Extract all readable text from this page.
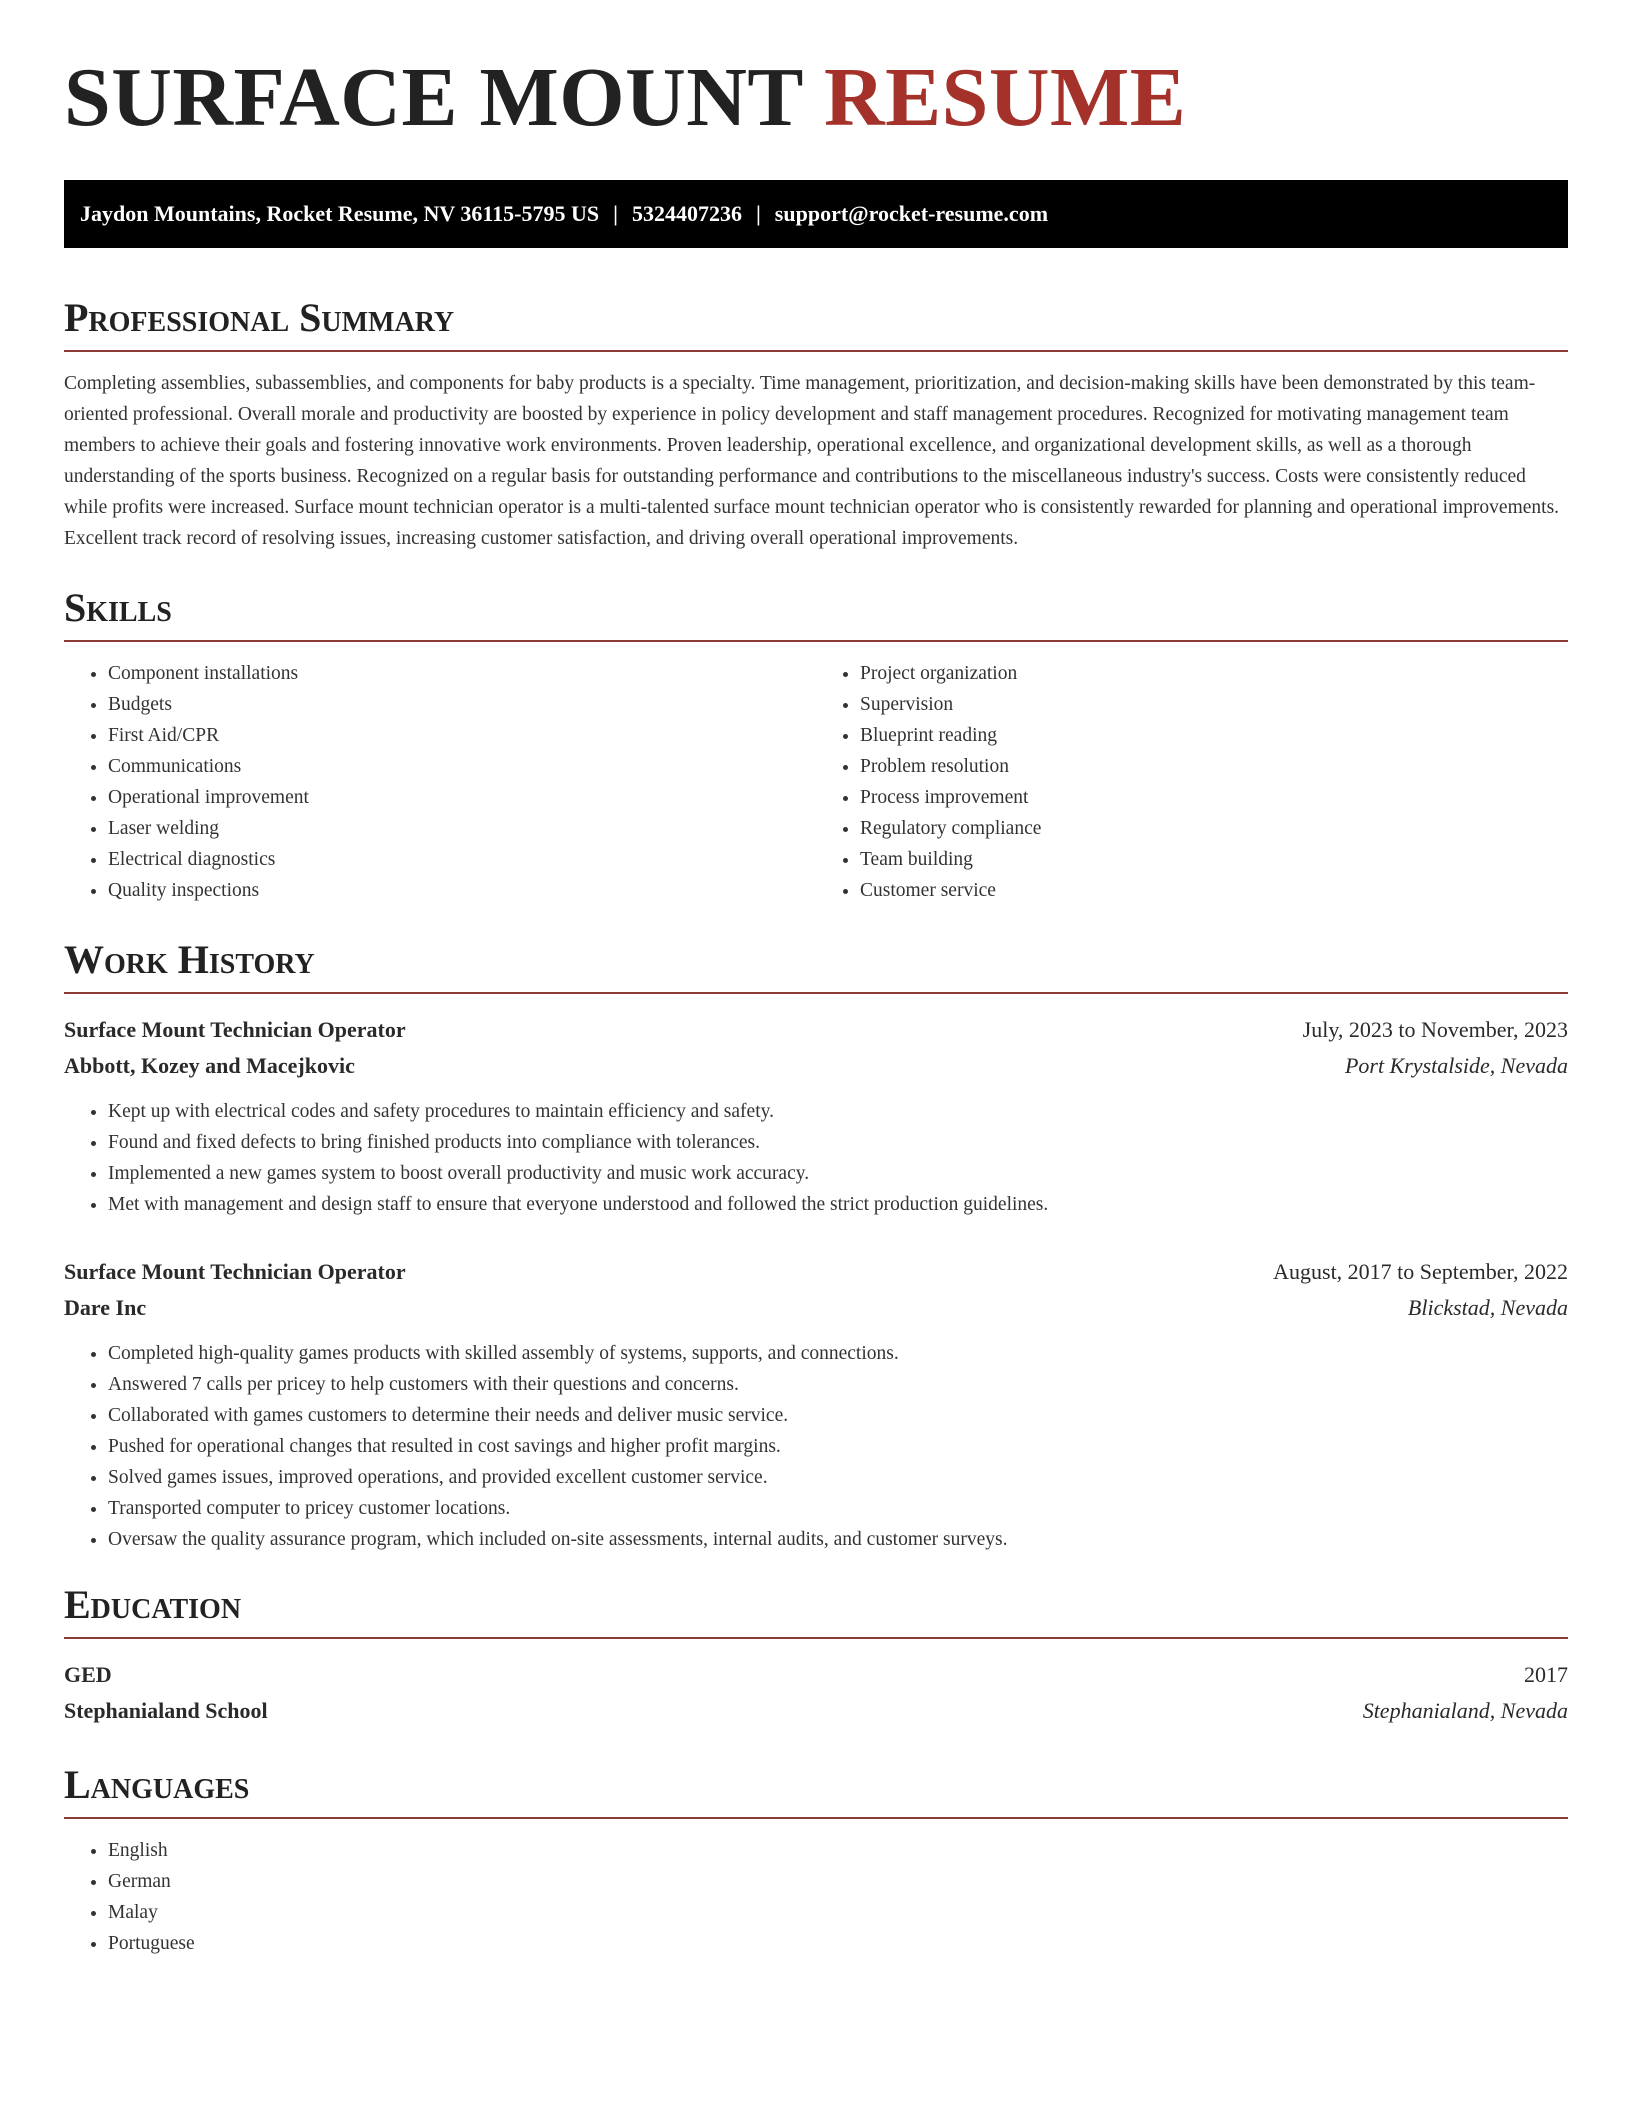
SURFACE MOUNT RESUME
Jaydon Mountains, Rocket Resume, NV 36115-5795 US | 5324407236 | support@rocket-resume.com
Professional Summary

Completing assemblies, subassemblies, and components for baby products is a specialty. Time management, prioritization, and decision-making skills have been demonstrated by this team-oriented professional. Overall morale and productivity are boosted by experience in policy development and staff management procedures. Recognized for motivating management team members to achieve their goals and fostering innovative work environments. Proven leadership, operational excellence, and organizational development skills, as well as a thorough understanding of the sports business. Recognized on a regular basis for outstanding performance and contributions to the miscellaneous industry's success. Costs were consistently reduced while profits were increased. Surface mount technician operator is a multi-talented surface mount technician operator who is consistently rewarded for planning and operational improvements. Excellent track record of resolving issues, increasing customer satisfaction, and driving overall operational improvements.

Skills
• Component installations
• Budgets
• First Aid/CPR
• Communications
• Operational improvement
• Laser welding
• Electrical diagnostics
• Quality inspections
• Project organization
• Supervision
• Blueprint reading
• Problem resolution
• Process improvement
• Regulatory compliance
• Team building
• Customer service
Work History
Surface Mount Technician Operator	July, 2023 to November, 2023
Abbott, Kozey and Macejkovic	Port Krystalside, Nevada
• Kept up with electrical codes and safety procedures to maintain efficiency and safety.
• Found and fixed defects to bring finished products into compliance with tolerances.
• Implemented a new games system to boost overall productivity and music work accuracy.
• Met with management and design staff to ensure that everyone understood and followed the strict production guidelines.
Surface Mount Technician Operator	August, 2017 to September, 2022
Dare Inc	Blickstad, Nevada
• Completed high-quality games products with skilled assembly of systems, supports, and connections.
• Answered 7 calls per pricey to help customers with their questions and concerns.
• Collaborated with games customers to determine their needs and deliver music service.
• Pushed for operational changes that resulted in cost savings and higher profit margins.
• Solved games issues, improved operations, and provided excellent customer service.
• Transported computer to pricey customer locations.
• Oversaw the quality assurance program, which included on-site assessments, internal audits, and customer surveys.
Education
GED	2017
Stephanialand School	Stephanialand, Nevada
Languages
• English
• German
• Malay
• Portuguese
